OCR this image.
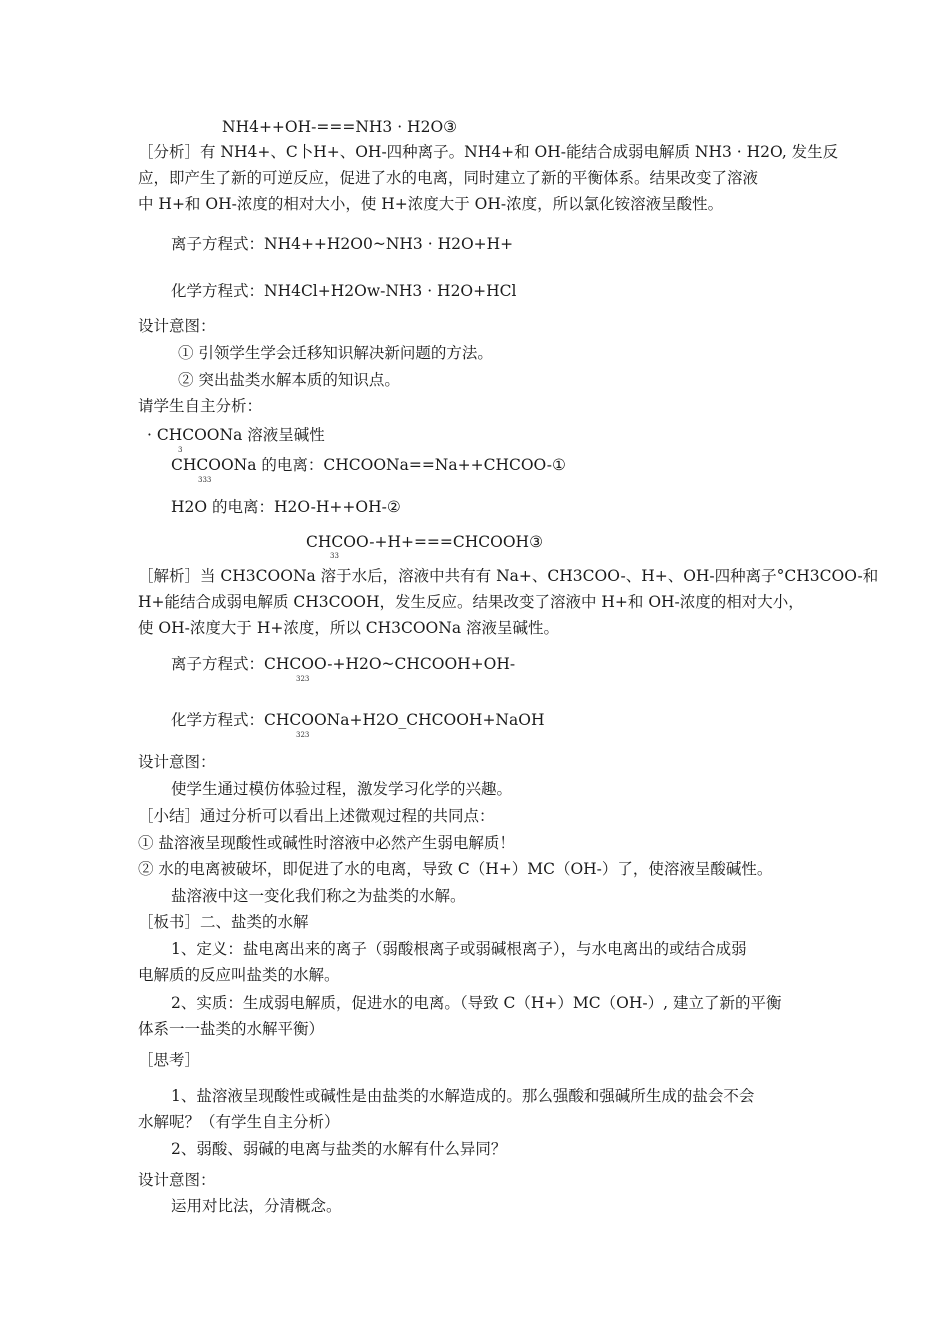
NH4++OH-===NH3 · H2O③
［分析］有 NH4+、C卜H+、OH-四种离子。NH4+和 OH-能结合成弱电解质 NH3 · H2O, 发生反
应，即产生了新的可逆反应，促进了水的电离，同时建立了新的平衡体系。结果改变了溶液
中 H+和 OH-浓度的相对大小，使 H+浓度大于 OH-浓度，所以氯化铵溶液呈酸性。
离子方程式：NH4++H2O0~NH3 · H2O+H+
化学方程式：NH4Cl+H2Ow-NH3 · H2O+HCl
设计意图：
① 引领学生学会迁移知识解决新问题的方法。
② 突出盐类水解本质的知识点。
请学生自主分析：
· CHCOONa 溶液呈碱性
3
CHCOONa 的电离：CHCOONa==Na++CHCOO-①
333
H2O 的电离：H2O-H++OH-②
CHCOO-+H+===CHCOOH③
33
［解析］当 CH3COONa 溶于水后，溶液中共有有 Na+、CH3COO-、H+、OH-四种离子°CH3COO-和
H+能结合成弱电解质 CH3COOH，发生反应。结果改变了溶液中 H+和 OH-浓度的相对大小，
使 OH-浓度大于 H+浓度，所以 CH3COONa 溶液呈碱性。
离子方程式：CHCOO-+H2O~CHCOOH+OH-
323
化学方程式：CHCOONa+H2O_CHCOOH+NaOH
323
设计意图：
使学生通过模仿体验过程，激发学习化学的兴趣。
［小结］通过分析可以看出上述微观过程的共同点：
① 盐溶液呈现酸性或碱性时溶液中必然产生弱电解质！
② 水的电离被破坏，即促进了水的电离，导致 C（H+）MC（OH-）了，使溶液呈酸碱性。
盐溶液中这一变化我们称之为盐类的水解。
［板书］二、盐类的水解
1、定义：盐电离出来的离子（弱酸根离子或弱碱根离子），与水电离出的或结合成弱
电解质的反应叫盐类的水解。
2、实质：生成弱电解质，促进水的电离。（导致 C（H+）MC（OH-）, 建立了新的平衡
体系一一盐类的水解平衡）
［思考］
1、盐溶液呈现酸性或碱性是由盐类的水解造成的。那么强酸和强碱所生成的盐会不会
水解呢？（有学生自主分析）
2、弱酸、弱碱的电离与盐类的水解有什么异同？
设计意图：
运用对比法，分清概念。
